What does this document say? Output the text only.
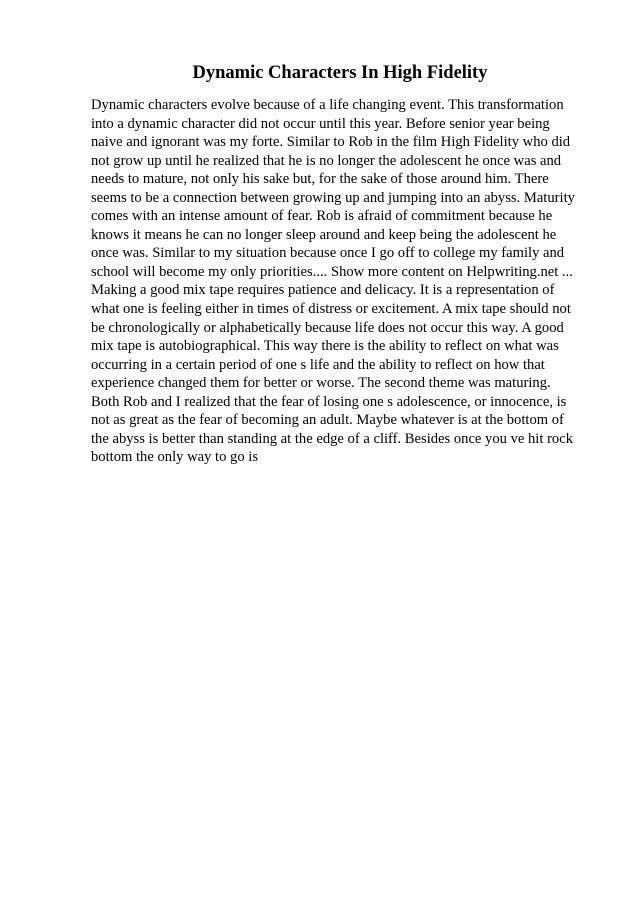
Dynamic Characters In High Fidelity
Dynamic characters evolve because of a life changing event. This transformation
into a dynamic character did not occur until this year. Before senior year being
naive and ignorant was my forte. Similar to Rob in the film High Fidelity who did
not grow up until he realized that he is no longer the adolescent he once was and
needs to mature, not only his sake but, for the sake of those around him. There
seems to be a connection between growing up and jumping into an abyss. Maturity
comes with an intense amount of fear. Rob is afraid of commitment because he
knows it means he can no longer sleep around and keep being the adolescent he
once was. Similar to my situation because once I go off to college my family and
school will become my only priorities.... Show more content on Helpwriting.net ...
Making a good mix tape requires patience and delicacy. It is a representation of
what one is feeling either in times of distress or excitement. A mix tape should not
be chronologically or alphabetically because life does not occur this way. A good
mix tape is autobiographical. This way there is the ability to reflect on what was
occurring in a certain period of one s life and the ability to reflect on how that
experience changed them for better or worse. The second theme was maturing.
Both Rob and I realized that the fear of losing one s adolescence, or innocence, is
not as great as the fear of becoming an adult. Maybe whatever is at the bottom of
the abyss is better than standing at the edge of a cliff. Besides once you ve hit rock
bottom the only way to go is
